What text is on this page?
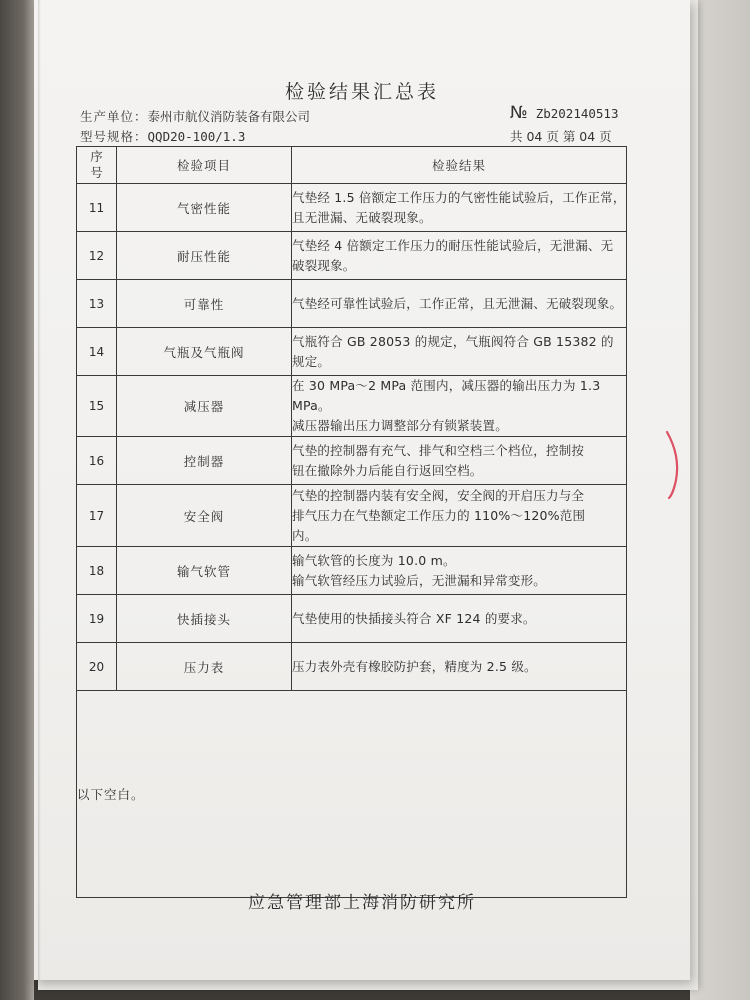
检验结果汇总表
生产单位：泰州市航仪消防装备有限公司	№ Zb202140513
型号规格：QQD20-100/1.3	共 04 页 第 04 页
序
号	检验项目	检验结果
11	气密性能	气垫经 1.5 倍额定工作压力的气密性能试验后，工作正常，
且无泄漏、无破裂现象。

12	耐压性能	气垫经 4 倍额定工作压力的耐压性能试验后，无泄漏、无
破裂现象。

13	可靠性	气垫经可靠性试验后，工作正常，且无泄漏、无破裂现象。

14	气瓶及气瓶阀	气瓶符合 GB 28053 的规定，气瓶阀符合 GB 15382 的规定。

15	减压器	在 30 MPa～2 MPa 范围内，减压器的输出压力为 1.3 MPa。
减压器输出压力调整部分有锁紧装置。

16	控制器	气垫的控制器有充气、排气和空档三个档位，控制按
钮在撤除外力后能自行返回空档。

17	安全阀	气垫的控制器内装有安全阀，安全阀的开启压力与全
排气压力在气垫额定工作压力的 110%～120%范围
内。

18	输气软管	输气软管的长度为 10.0 m。
输气软管经压力试验后，无泄漏和异常变形。

19	快插接头	气垫使用的快插接头符合 XF 124 的要求。

20	压力表	压力表外壳有橡胶防护套，精度为 2.5 级。

以下空白。		
应急管理部上海消防研究所
